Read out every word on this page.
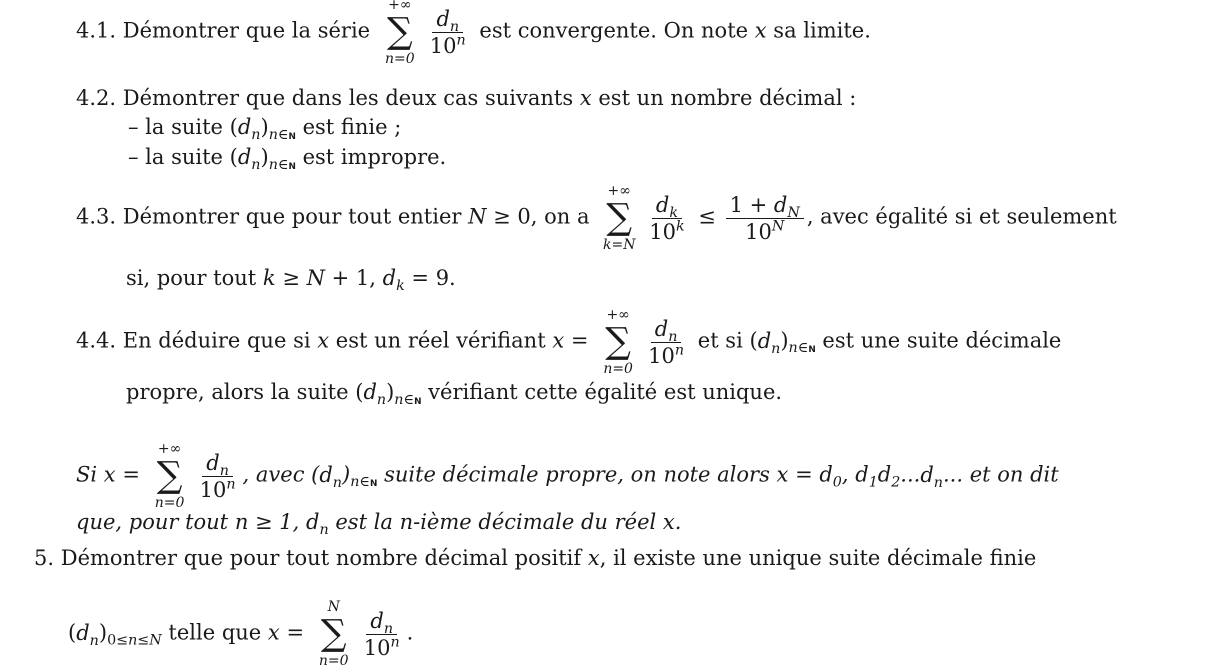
4.1. Démontrer que la série
+∞
∑
n=0
$\frac{d_n}{10^n}$ est convergente. On note x sa limite.
4.2. Démontrer que dans les deux cas suivants x est un nombre décimal :
– la suite $(d_n)_{n\in N}$ est finie ;
– la suite $(d_n)_{n\in N}$ est impropre.
4.3. Démontrer que pour tout entier N ≥ 0, on a
+∞
∑
k=N
$\frac{d_k}{10^k} \le \frac{1 + d_N}{10^N}$ , avec égalité si et seulement
si, pour tout k ≥ N + 1, $d_k = 9$.
4.4. En déduire que si x est un réel vérifiant x =
+∞
∑
n=0
$\frac{d_n}{10^n}$ et si $(d_n)_{n\in N}$ est une suite décimale
propre, alors la suite $(d_n)_{n\in N}$ vérifiant cette égalité est unique.
Si x =
+∞
∑
n=0
$\frac{d_n}{10^n}$ , avec $(d_n)_{n\in N}$ suite décimale propre, on note alors $x = d_0$, $d_1d_2...d_n$... et on dit
que, pour tout n ≥ 1, $d_n$ est la n-ième décimale du réel x.
5. Démontrer que pour tout nombre décimal positif x, il existe une unique suite décimale finie
$(d_n)_{0\le n\le N}$ telle que x =
N
∑
n=0
$\frac{d_n}{10^n}$ .
